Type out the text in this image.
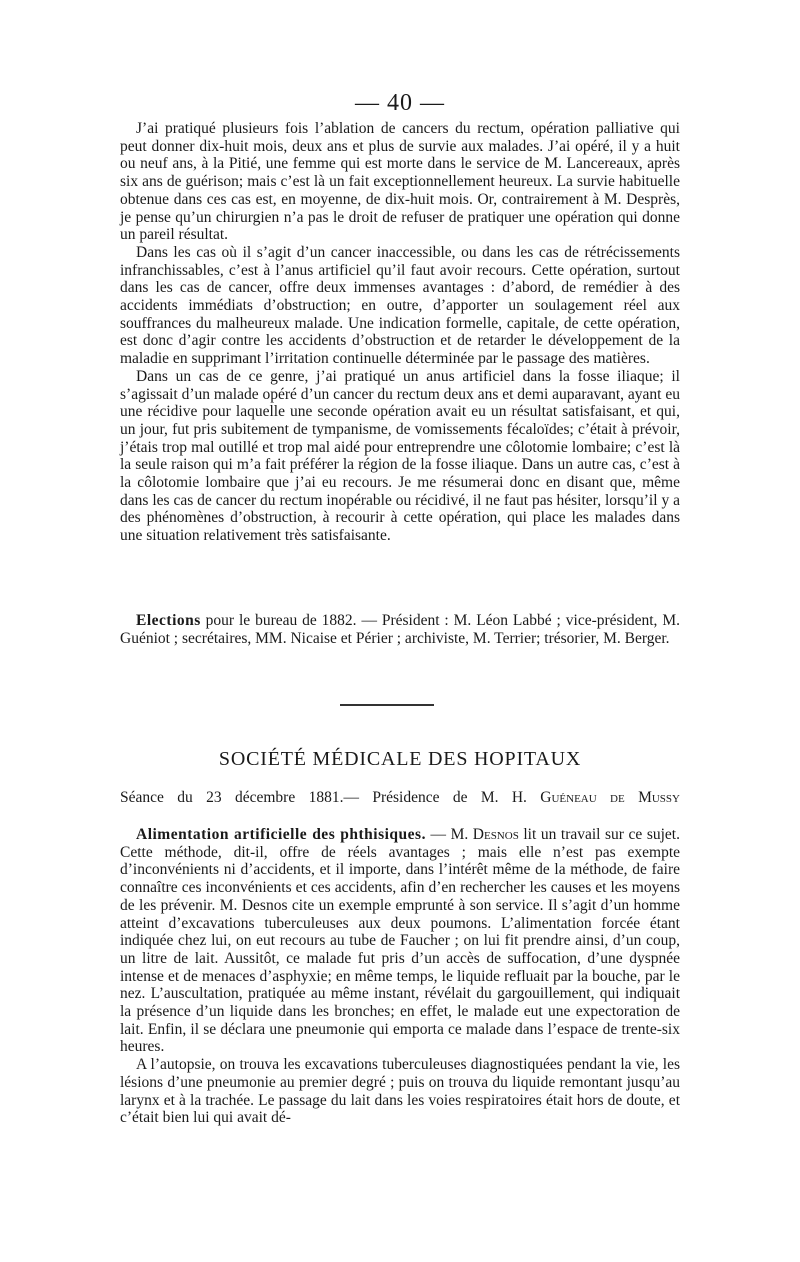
— 40 —

J’ai pratiqué plusieurs fois l’ablation de cancers du rectum, opération palliative qui peut donner dix-huit mois, deux ans et plus de survie aux malades. J’ai opéré, il y a huit ou neuf ans, à la Pitié, une femme qui est morte dans le service de M. Lancereaux, après six ans de guérison; mais c’est là un fait exceptionnellement heureux. La survie habituelle obtenue dans ces cas est, en moyenne, de dix-huit mois. Or, contrairement à M. Desprès, je pense qu’un chirurgien n’a pas le droit de refuser de pratiquer une opération qui donne un pareil résultat.

Dans les cas où il s’agit d’un cancer inaccessible, ou dans les cas de rétrécissements infranchissables, c’est à l’anus artificiel qu’il faut avoir recours. Cette opération, surtout dans les cas de cancer, offre deux immenses avantages : d’abord, de remédier à des accidents immédiats d’obstruction; en outre, d’apporter un soulagement réel aux souffrances du malheureux malade. Une indication formelle, capitale, de cette opération, est donc d’agir contre les accidents d’obstruction et de retarder le développement de la maladie en supprimant l’irritation continuelle déterminée par le passage des matières.

Dans un cas de ce genre, j’ai pratiqué un anus artificiel dans la fosse iliaque; il s’agissait d’un malade opéré d’un cancer du rectum deux ans et demi auparavant, ayant eu une récidive pour laquelle une seconde opération avait eu un résultat satisfaisant, et qui, un jour, fut pris subitement de tympanisme, de vomissements fécaloïdes; c’était à prévoir, j’étais trop mal outillé et trop mal aidé pour entreprendre une côlotomie lombaire; c’est là la seule raison qui m’a fait préférer la région de la fosse iliaque. Dans un autre cas, c’est à la côlotomie lombaire que j’ai eu recours. Je me résumerai donc en disant que, même dans les cas de cancer du rectum inopérable ou récidivé, il ne faut pas hésiter, lorsqu’il y a des phénomènes d’obstruction, à recourir à cette opération, qui place les malades dans une situation relativement très satisfaisante.

Elections pour le bureau de 1882. — Président : M. Léon Labbé ; vice-président, M. Guéniot ; secrétaires, MM. Nicaise et Périer ; archiviste, M. Terrier; trésorier, M. Berger.

SOCIÉTÉ MÉDICALE DES HOPITAUX
Séance du 23 décembre 1881.— Présidence de M. H. Guéneau de Mussy

Alimentation artificielle des phthisiques. — M. Desnos lit un travail sur ce sujet. Cette méthode, dit-il, offre de réels avantages ; mais elle n’est pas exempte d’inconvénients ni d’accidents, et il importe, dans l’intérêt même de la méthode, de faire connaître ces inconvénients et ces accidents, afin d’en rechercher les causes et les moyens de les prévenir. M. Desnos cite un exemple emprunté à son service. Il s’agit d’un homme atteint d’excavations tuberculeuses aux deux poumons. L’alimentation forcée étant indiquée chez lui, on eut recours au tube de Faucher ; on lui fit prendre ainsi, d’un coup, un litre de lait. Aussitôt, ce malade fut pris d’un accès de suffocation, d’une dyspnée intense et de menaces d’asphyxie; en même temps, le liquide refluait par la bouche, par le nez. L’auscultation, pratiquée au même instant, révélait du gargouillement, qui indiquait la présence d’un liquide dans les bronches; en effet, le malade eut une expectoration de lait. Enfin, il se déclara une pneumonie qui emporta ce malade dans l’espace de trente-six heures.

A l’autopsie, on trouva les excavations tuberculeuses diagnostiquées pendant la vie, les lésions d’une pneumonie au premier degré ; puis on trouva du liquide remontant jusqu’au larynx et à la trachée. Le passage du lait dans les voies respiratoires était hors de doute, et c’était bien lui qui avait dé-
